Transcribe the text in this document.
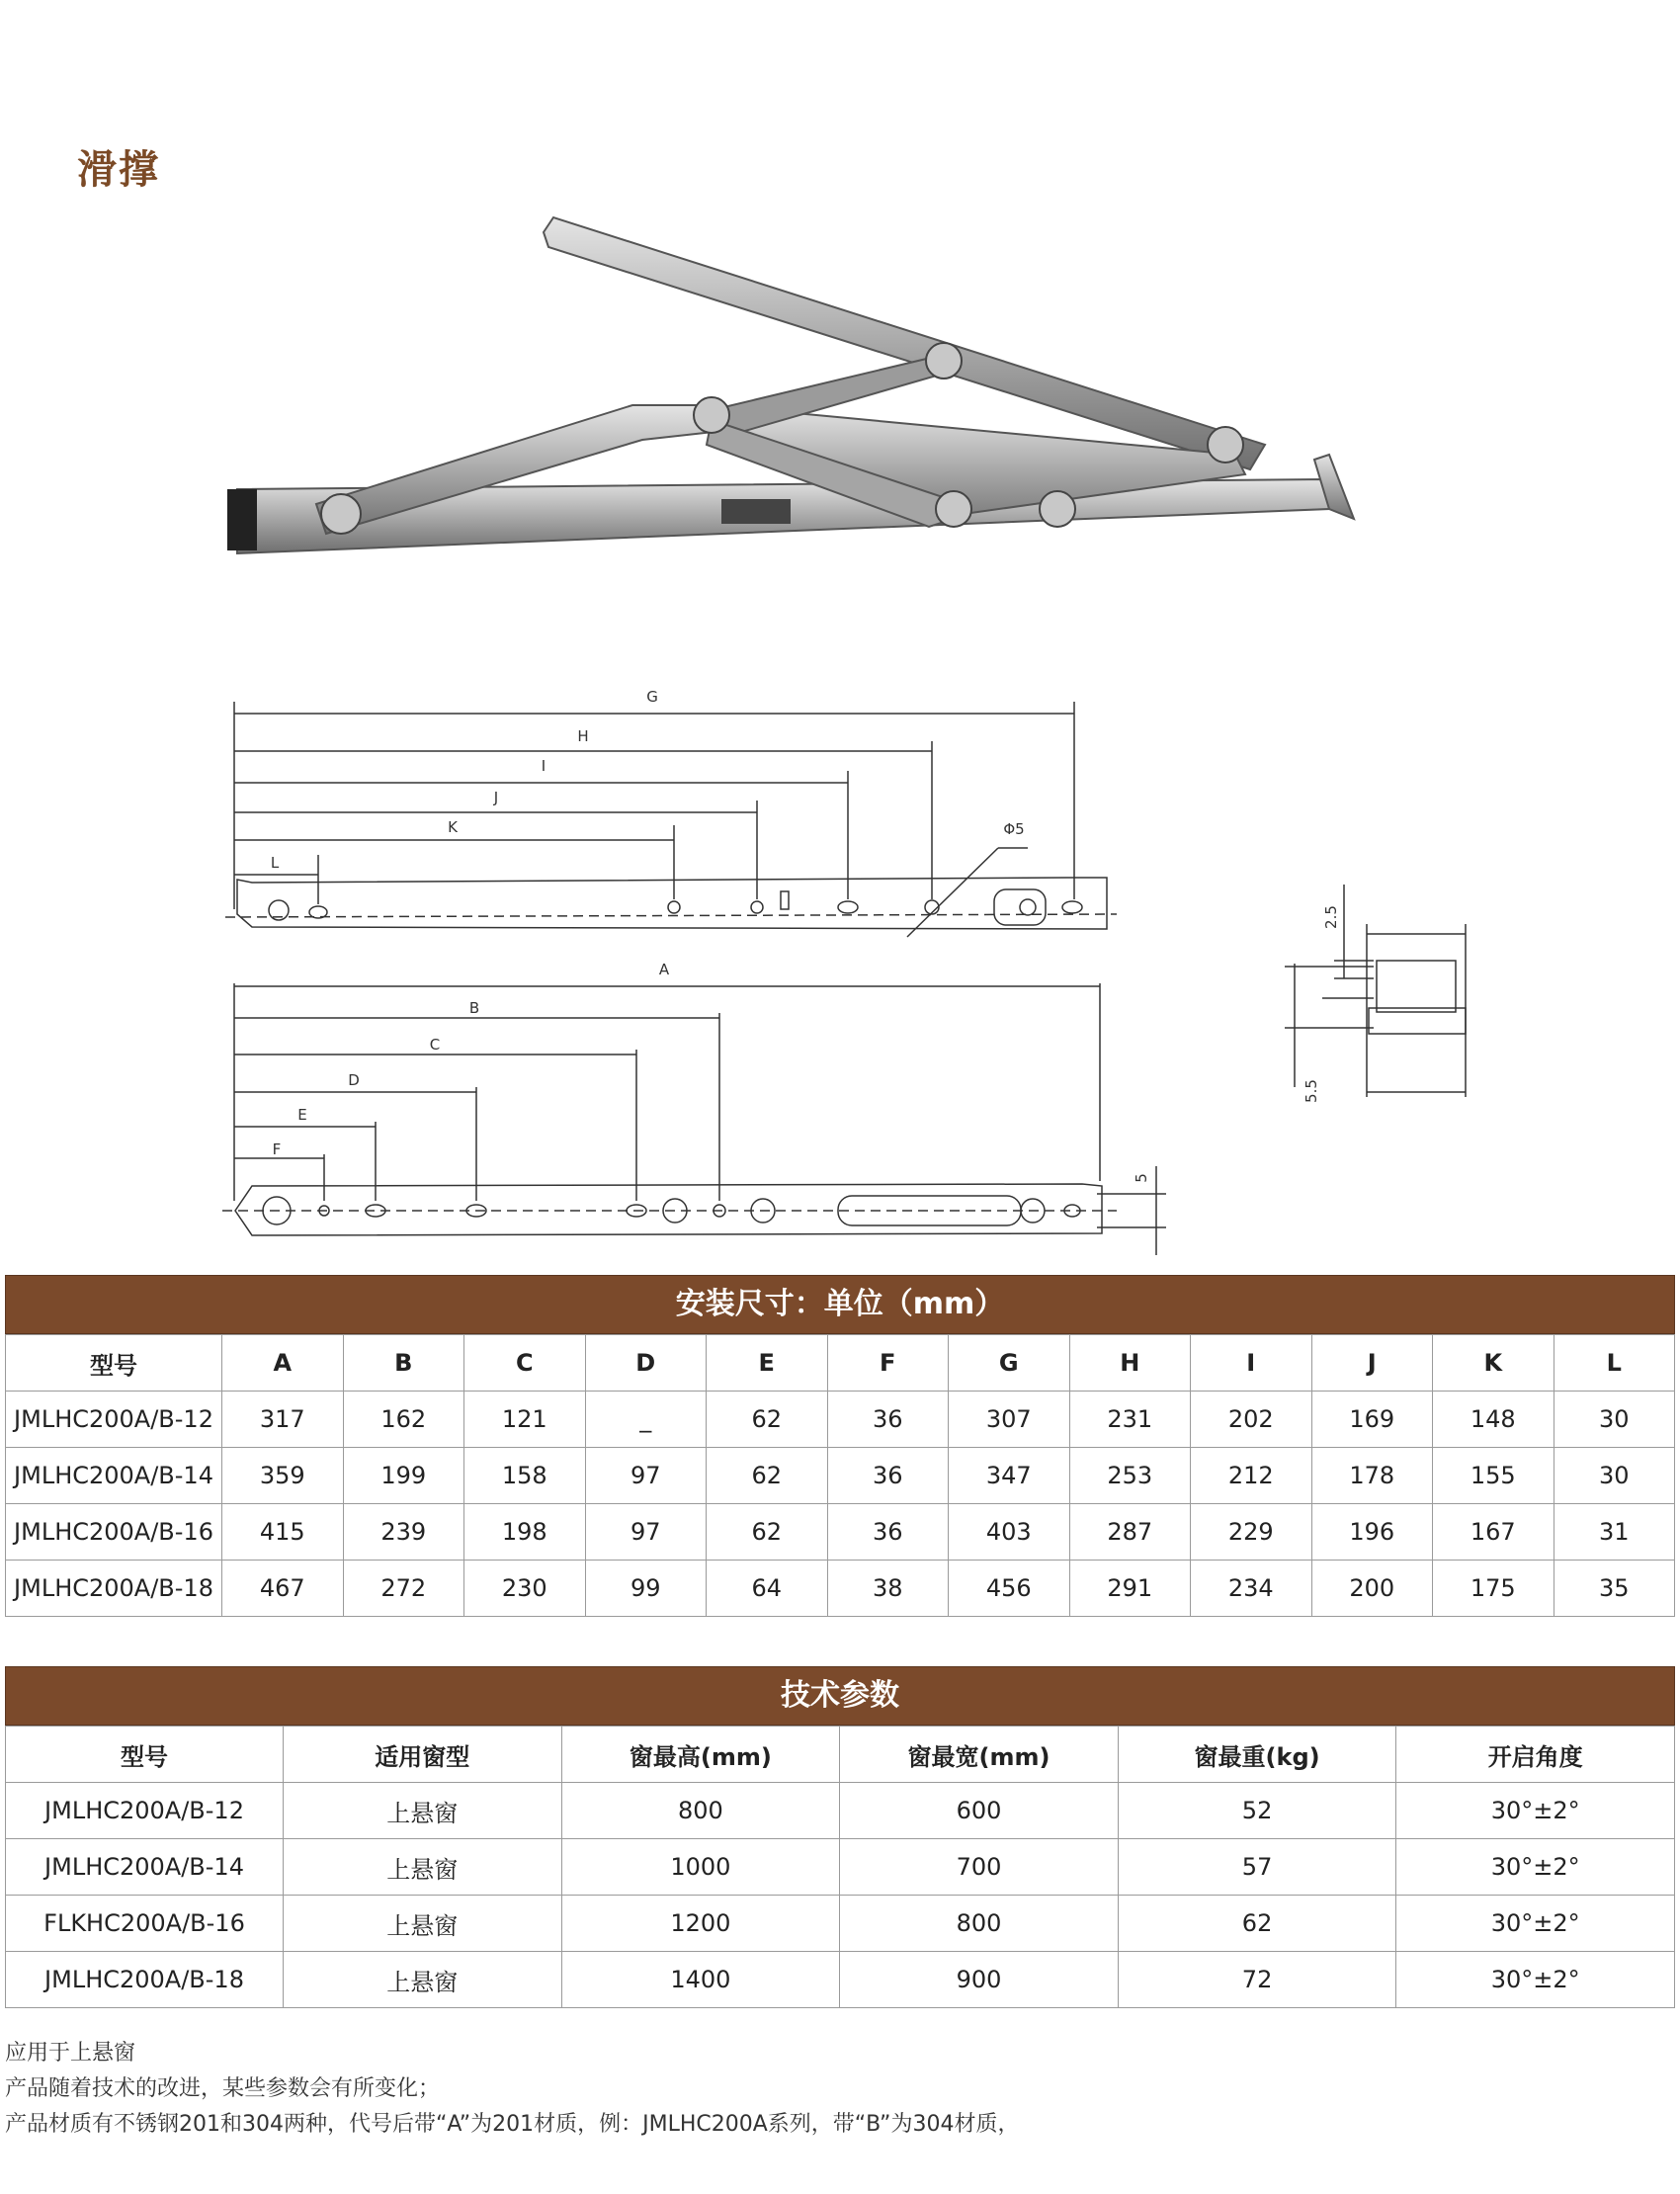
滑撑
G
H
I
J
K
L
Φ5
A
B
C
D
E
F
5
2.5
5.5
安装尺寸：单位（mm）
型号	A	B	C	D	E	F	G	H	I	J	K	L
JMLHC200A/B-12	317	162	121	_	62	36	307	231	202	169	148	30
JMLHC200A/B-14	359	199	158	97	62	36	347	253	212	178	155	30
JMLHC200A/B-16	415	239	198	97	62	36	403	287	229	196	167	31
JMLHC200A/B-18	467	272	230	99	64	38	456	291	234	200	175	35
技术参数
型号	适用窗型	窗最高(mm)	窗最宽(mm)	窗最重(kg)	开启角度
JMLHC200A/B-12	上悬窗	800	600	52	30°±2°
JMLHC200A/B-14	上悬窗	1000	700	57	30°±2°
FLKHC200A/B-16	上悬窗	1200	800	62	30°±2°
JMLHC200A/B-18	上悬窗	1400	900	72	30°±2°
应用于上悬窗
产品随着技术的改进，某些参数会有所变化；
产品材质有不锈钢201和304两种，代号后带“A”为201材质，例：JMLHC200A系列，带“B”为304材质，
